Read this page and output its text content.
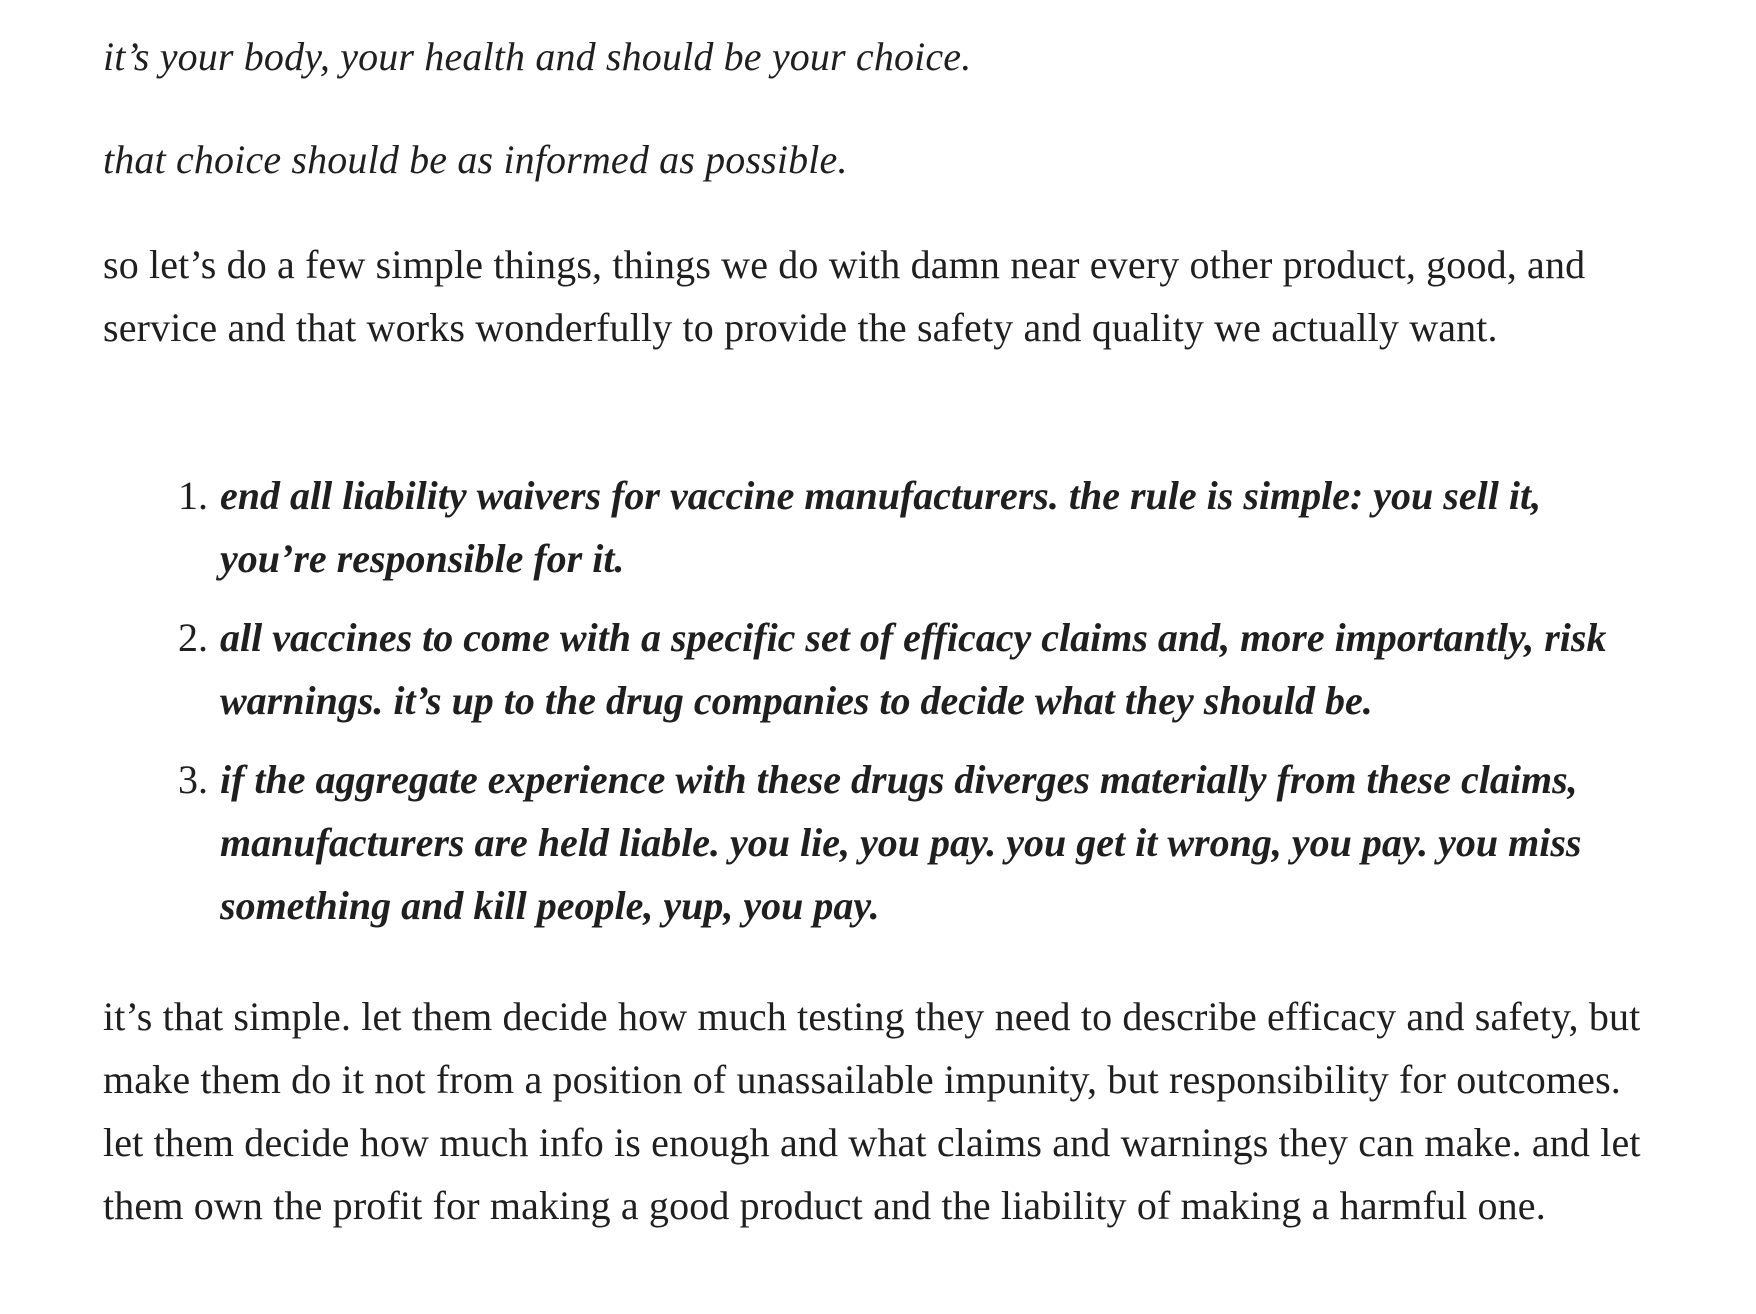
it’s your body, your health and should be your choice.

that choice should be as informed as possible.

so let’s do a few simple things, things we do with damn near every other product, good, and service and that works wonderfully to provide the safety and quality we actually want.

1. end all liability waivers for vaccine manufacturers. the rule is simple: you sell it, you’re responsible for it.
2. all vaccines to come with a specific set of efficacy claims and, more importantly, risk warnings. it’s up to the drug companies to decide what they should be.
3. if the aggregate experience with these drugs diverges materially from these claims, manufacturers are held liable. you lie, you pay. you get it wrong, you pay. you miss something and kill people, yup, you pay.

it’s that simple. let them decide how much testing they need to describe efficacy and safety, but make them do it not from a position of unassailable impunity, but responsibility for outcomes. let them decide how much info is enough and what claims and warnings they can make. and let them own the profit for making a good product and the liability of making a harmful one.
